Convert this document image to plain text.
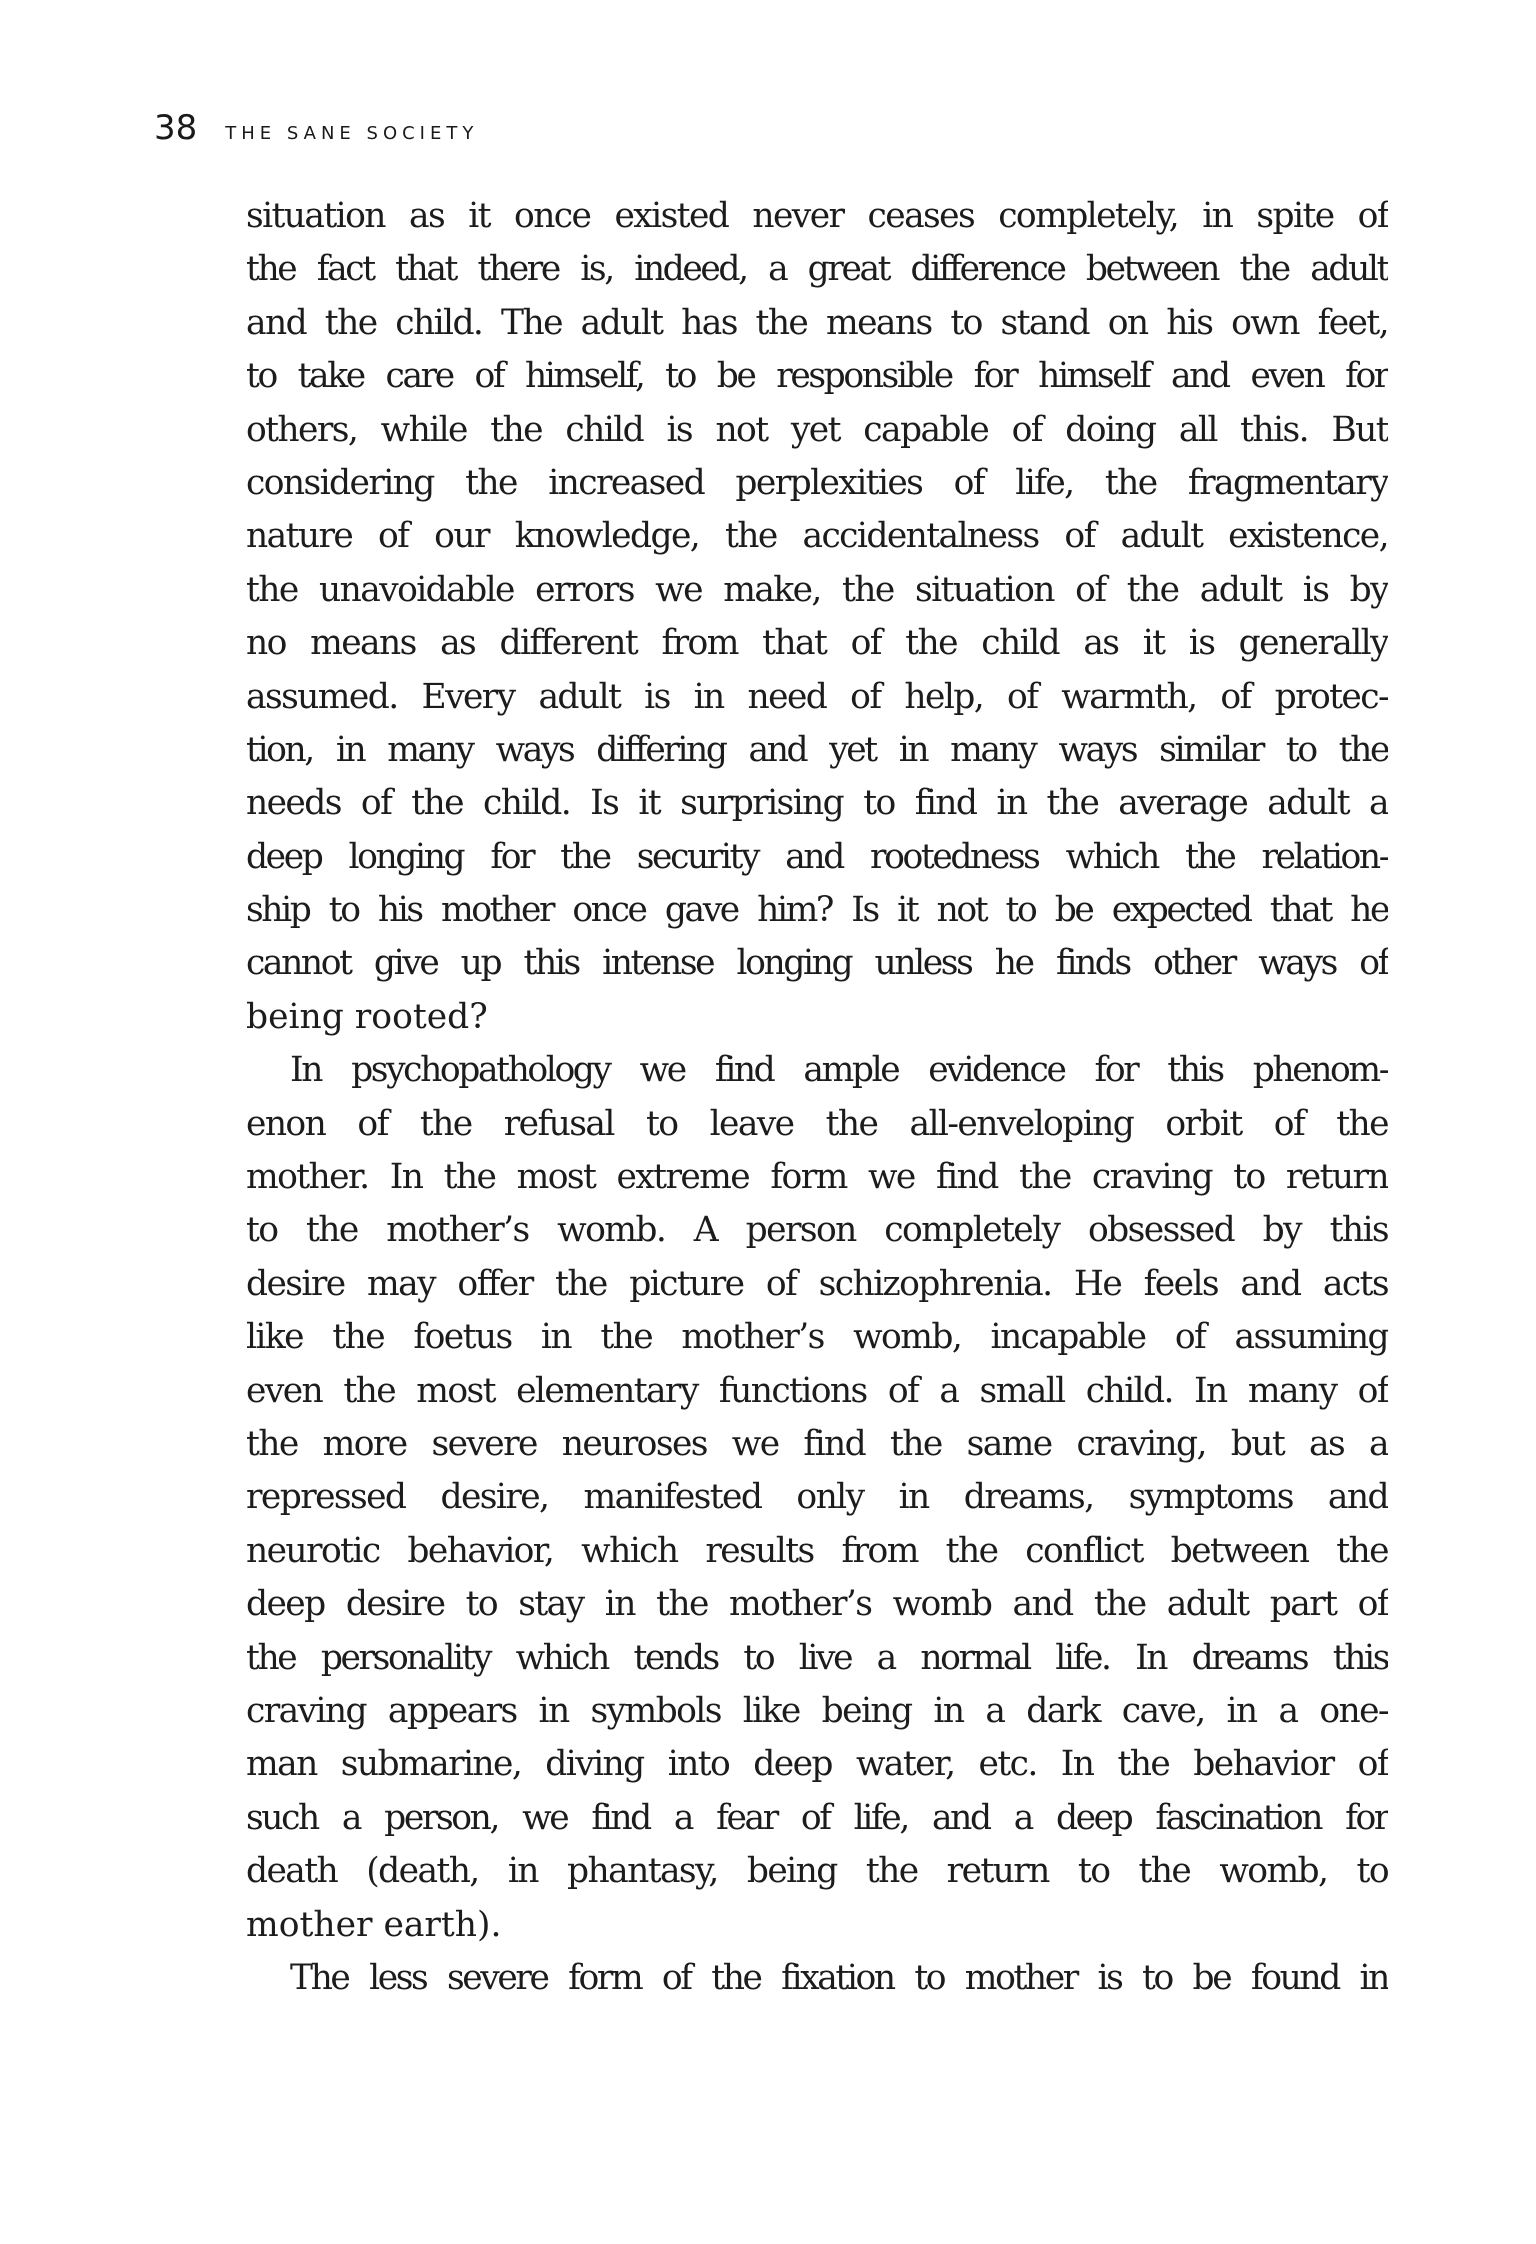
38 THE SANE SOCIETY
situation as it once existed never ceases completely, in spite of
the fact that there is, indeed, a great difference between the adult
and the child. The adult has the means to stand on his own feet,
to take care of himself, to be responsible for himself and even for
others, while the child is not yet capable of doing all this. But
considering the increased perplexities of life, the fragmentary
nature of our knowledge, the accidentalness of adult existence,
the unavoidable errors we make, the situation of the adult is by
no means as different from that of the child as it is generally
assumed. Every adult is in need of help, of warmth, of protec-
tion, in many ways differing and yet in many ways similar to the
needs of the child. Is it surprising to find in the average adult a
deep longing for the security and rootedness which the relation-
ship to his mother once gave him? Is it not to be expected that he
cannot give up this intense longing unless he finds other ways of
being rooted?
In psychopathology we find ample evidence for this phenom-
enon of the refusal to leave the all-enveloping orbit of the
mother. In the most extreme form we find the craving to return
to the mother’s womb. A person completely obsessed by this
desire may offer the picture of schizophrenia. He feels and acts
like the foetus in the mother’s womb, incapable of assuming
even the most elementary functions of a small child. In many of
the more severe neuroses we find the same craving, but as a
repressed desire, manifested only in dreams, symptoms and
neurotic behavior, which results from the conflict between the
deep desire to stay in the mother’s womb and the adult part of
the personality which tends to live a normal life. In dreams this
craving appears in symbols like being in a dark cave, in a one-
man submarine, diving into deep water, etc. In the behavior of
such a person, we find a fear of life, and a deep fascination for
death (death, in phantasy, being the return to the womb, to
mother earth).
The less severe form of the fixation to mother is to be found in
